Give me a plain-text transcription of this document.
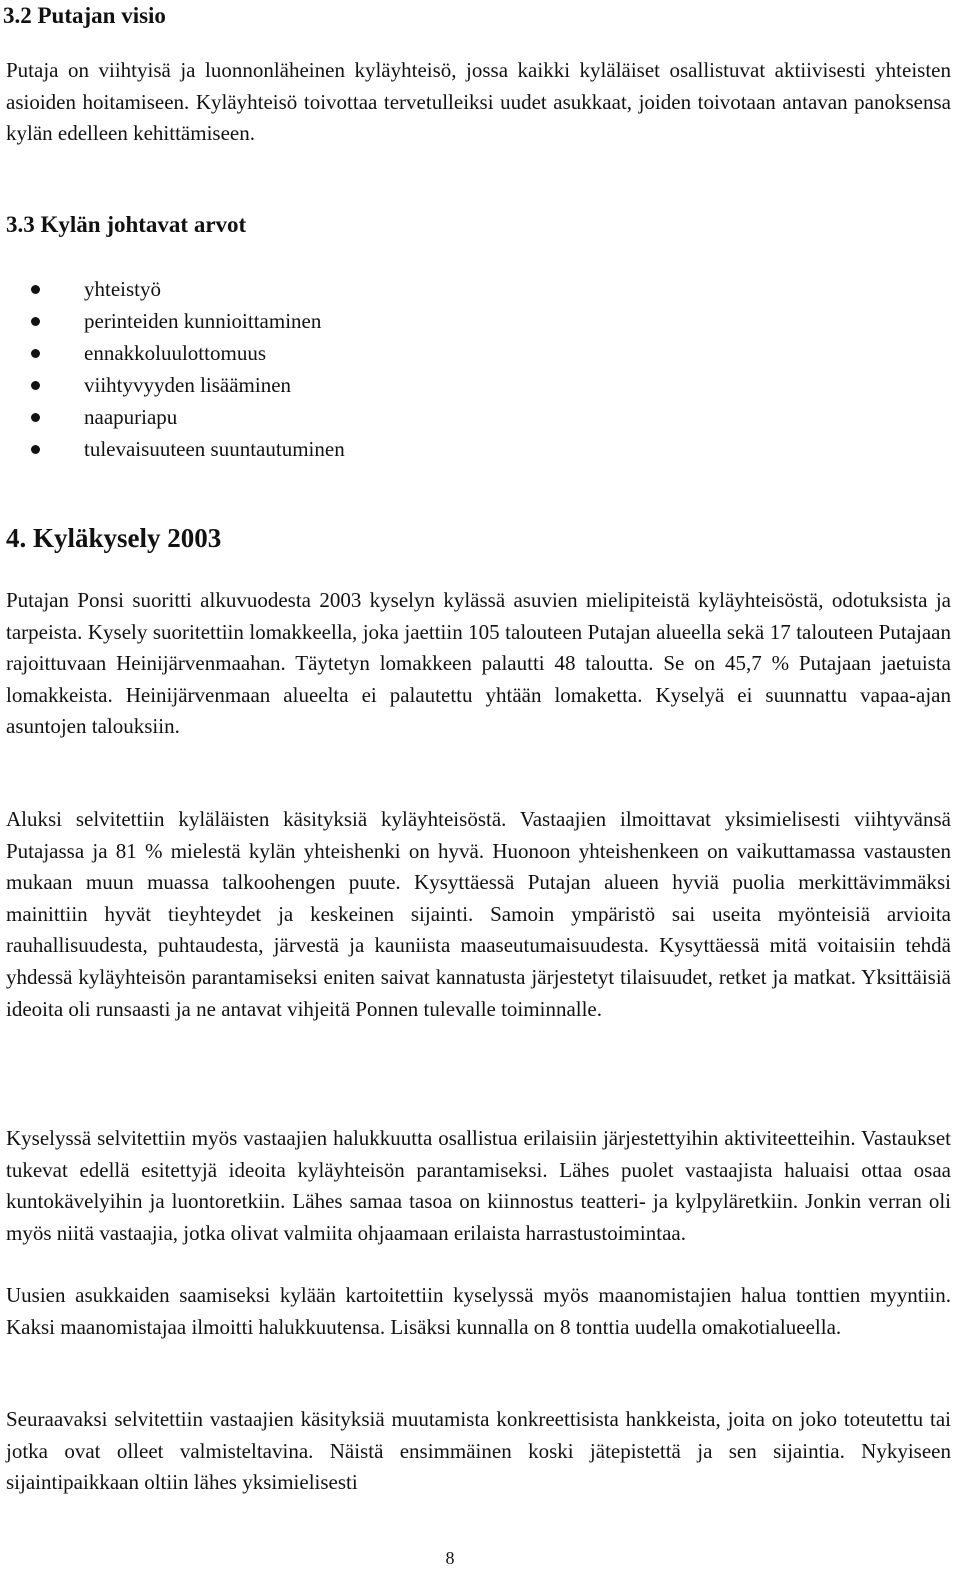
3.2 Putajan visio

Putaja on viihtyisä ja luonnonläheinen kyläyhteisö, jossa kaikki kyläläiset osallistuvat aktiivisesti yhteisten asioiden hoitamiseen. Kyläyhteisö toivottaa tervetulleiksi uudet asukkaat, joiden toivotaan antavan panoksensa kylän edelleen kehittämiseen.

3.3 Kylän johtavat arvot
yhteistyö
perinteiden kunnioittaminen
ennakkoluulottomuus
viihtyvyyden lisääminen
naapuriapu
tulevaisuuteen suuntautuminen
4. Kyläkysely 2003

Putajan Ponsi suoritti alkuvuodesta 2003 kyselyn kylässä asuvien mielipiteistä kyläyhteisöstä, odotuksista ja tarpeista. Kysely suoritettiin lomakkeella, joka jaettiin 105 talouteen Putajan alueella sekä 17 talouteen Putajaan rajoittuvaan Heinijärvenmaahan. Täytetyn lomakkeen palautti 48 taloutta. Se on 45,7 % Putajaan jaetuista lomakkeista. Heinijärvenmaan alueelta ei palautettu yhtään lomaketta. Kyselyä ei suunnattu vapaa-ajan asuntojen talouksiin.

Aluksi selvitettiin kyläläisten käsityksiä kyläyhteisöstä. Vastaajien ilmoittavat yksimielisesti viihtyvänsä Putajassa ja 81 % mielestä kylän yhteishenki on hyvä. Huonoon yhteishenkeen on vaikuttamassa vastausten mukaan muun muassa talkoohengen puute. Kysyttäessä Putajan alueen hyviä puolia merkittävimmäksi mainittiin hyvät tieyhteydet ja keskeinen sijainti. Samoin ympäristö sai useita myönteisiä arvioita rauhallisuudesta, puhtaudesta, järvestä ja kauniista maaseutumaisuudesta. Kysyttäessä mitä voitaisiin tehdä yhdessä kyläyhteisön parantamiseksi eniten saivat kannatusta järjestetyt tilaisuudet, retket ja matkat. Yksittäisiä ideoita oli runsaasti ja ne antavat vihjeitä Ponnen tulevalle toiminnalle.

Kyselyssä selvitettiin myös vastaajien halukkuutta osallistua erilaisiin järjestettyihin aktiviteetteihin. Vastaukset tukevat edellä esitettyjä ideoita kyläyhteisön parantamiseksi. Lähes puolet vastaajista haluaisi ottaa osaa kuntokävelyihin ja luontoretkiin. Lähes samaa tasoa on kiinnostus teatteri- ja kylpyläretkiin. Jonkin verran oli myös niitä vastaajia, jotka olivat valmiita ohjaamaan erilaista harrastustoimintaa.

Uusien asukkaiden saamiseksi kylään kartoitettiin kyselyssä myös maanomistajien halua tonttien myyntiin. Kaksi maanomistajaa ilmoitti halukkuutensa. Lisäksi kunnalla on 8 tonttia uudella omakotialueella.

Seuraavaksi selvitettiin vastaajien käsityksiä muutamista konkreettisista hankkeista, joita on joko toteutettu tai jotka ovat olleet valmisteltavina. Näistä ensimmäinen koski jätepistettä ja sen sijaintia. Nykyiseen sijaintipaikkaan oltiin lähes yksimielisesti

8
